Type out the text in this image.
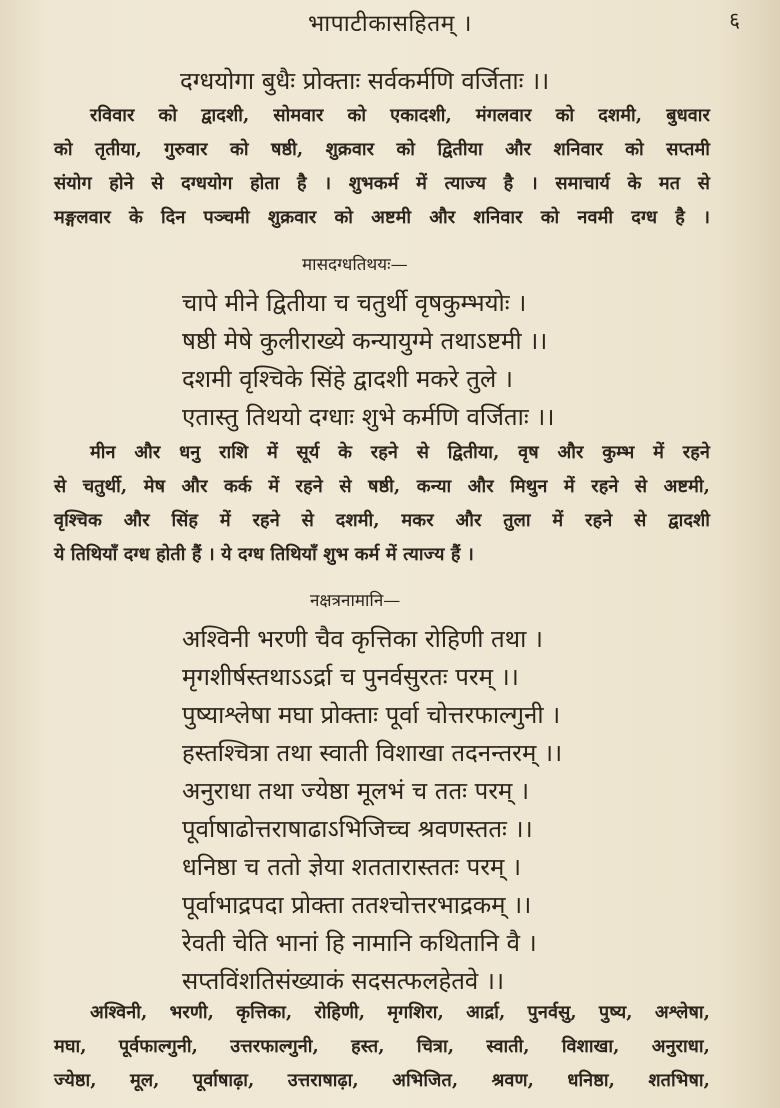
भापाटीकासहितम् ।	६
दग्धयोगा बुधैः प्रोक्ताः सर्वकर्मणि वर्जिताः ।।
रविवार को द्वादशी, सोमवार को एकादशी, मंगलवार को दशमी, बुधवार
को तृतीया, गुरुवार को षष्ठी, शुक्रवार को द्वितीया और शनिवार को सप्तमी
संयोग होने से दग्धयोग होता है । शुभकर्म में त्याज्य है । समाचार्य के मत से
मङ्गलवार के दिन पञ्चमी शुक्रवार को अष्टमी और शनिवार को नवमी दग्ध है ।
मासदग्धतिथयः—
चापे मीने द्वितीया च चतुर्थी वृषकुम्भयोः ।
षष्ठी मेषे कुलीराख्ये कन्यायुग्मे तथाऽष्टमी ।।
दशमी वृश्चिके सिंहे द्वादशी मकरे तुले ।
एतास्तु तिथयो दग्धाः शुभे कर्मणि वर्जिताः ।।
मीन और धनु राशि में सूर्य के रहने से द्वितीया, वृष और कुम्भ में रहने
से चतुर्थी, मेष और कर्क में रहने से षष्ठी, कन्या और मिथुन में रहने से अष्टमी,
वृश्चिक और सिंह में रहने से दशमी, मकर और तुला में रहने से द्वादशी
ये तिथियाँ दग्ध होती हैं । ये दग्ध तिथियाँ शुभ कर्म में त्याज्य हैं ।
नक्षत्रनामानि—
अश्विनी भरणी चैव कृत्तिका रोहिणी तथा ।
मृगशीर्षस्तथाऽऽर्द्रा च पुनर्वसुरतः परम् ।।
पुष्याश्लेषा मघा प्रोक्ताः पूर्वा चोत्तरफाल्गुनी ।
हस्तश्चित्रा तथा स्वाती विशाखा तदनन्तरम् ।।
अनुराधा तथा ज्येष्ठा मूलभं च ततः परम् ।
पूर्वाषाढोत्तराषाढाऽभिजिच्च श्रवणस्ततः ।।
धनिष्ठा च ततो ज्ञेया शततारास्ततः परम् ।
पूर्वाभाद्रपदा प्रोक्ता ततश्चोत्तरभाद्रकम् ।।
रेवती चेति भानां हि नामानि कथितानि वै ।
सप्तविंशतिसंख्याकं सदसत्फलहेतवे ।।
अश्विनी, भरणी, कृत्तिका, रोहिणी, मृगशिरा, आर्द्रा, पुनर्वसु, पुष्य, अश्लेषा,
मघा, पूर्वफाल्गुनी, उत्तरफाल्गुनी, हस्त, चित्रा, स्वाती, विशाखा, अनुराधा,
ज्येष्ठा, मूल, पूर्वाषाढ़ा, उत्तराषाढ़ा, अभिजित, श्रवण, धनिष्ठा, शतभिषा,
